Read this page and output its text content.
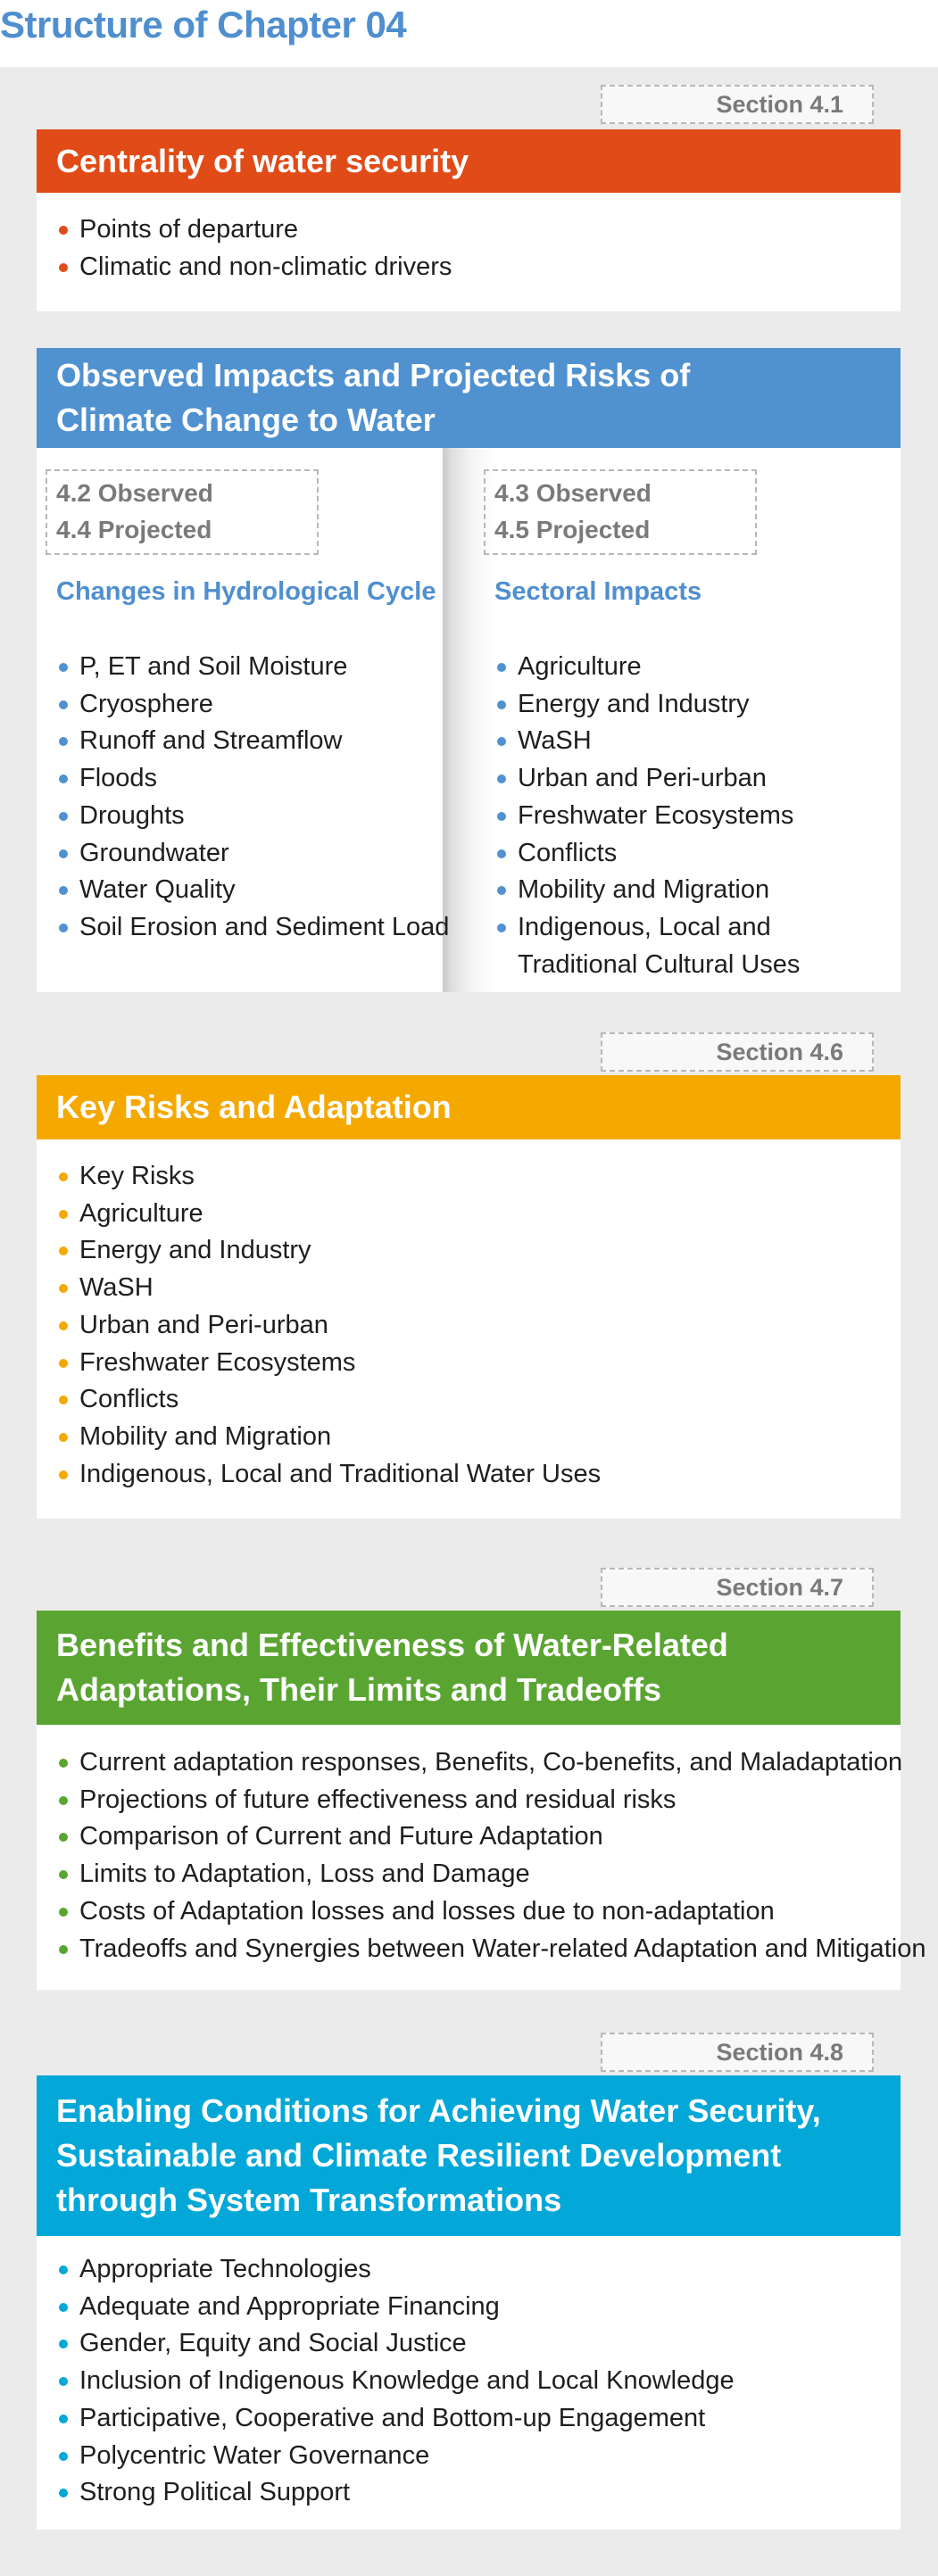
Structure of Chapter 04
Section 4.1
Centrality of water security
Points of departure
Climatic and non-climatic drivers
Observed Impacts and Projected Risks of
Climate Change to Water
4.2 Observed
4.4 Projected
Changes in Hydrological Cycle
P, ET and Soil Moisture
Cryosphere
Runoff and Streamflow
Floods
Droughts
Groundwater
Water Quality
Soil Erosion and Sediment Load
4.3 Observed
4.5 Projected
Sectoral Impacts
Agriculture
Energy and Industry
WaSH
Urban and Peri-urban
Freshwater Ecosystems
Conflicts
Mobility and Migration
Indigenous, Local and
Traditional Cultural Uses
Section 4.6
Key Risks and Adaptation
Key Risks
Agriculture
Energy and Industry
WaSH
Urban and Peri-urban
Freshwater Ecosystems
Conflicts
Mobility and Migration
Indigenous, Local and Traditional Water Uses
Section 4.7
Benefits and Effectiveness of Water-Related
Adaptations, Their Limits and Tradeoffs
Current adaptation responses, Benefits, Co-benefits, and Maladaptation
Projections of future effectiveness and residual risks
Comparison of Current and Future Adaptation
Limits to Adaptation, Loss and Damage
Costs of Adaptation losses and losses due to non-adaptation
Tradeoffs and Synergies between Water-related Adaptation and Mitigation
Section 4.8
Enabling Conditions for Achieving Water Security,
Sustainable and Climate Resilient Development
through System Transformations
Appropriate Technologies
Adequate and Appropriate Financing
Gender, Equity and Social Justice
Inclusion of Indigenous Knowledge and Local Knowledge
Participative, Cooperative and Bottom-up Engagement
Polycentric Water Governance
Strong Political Support
